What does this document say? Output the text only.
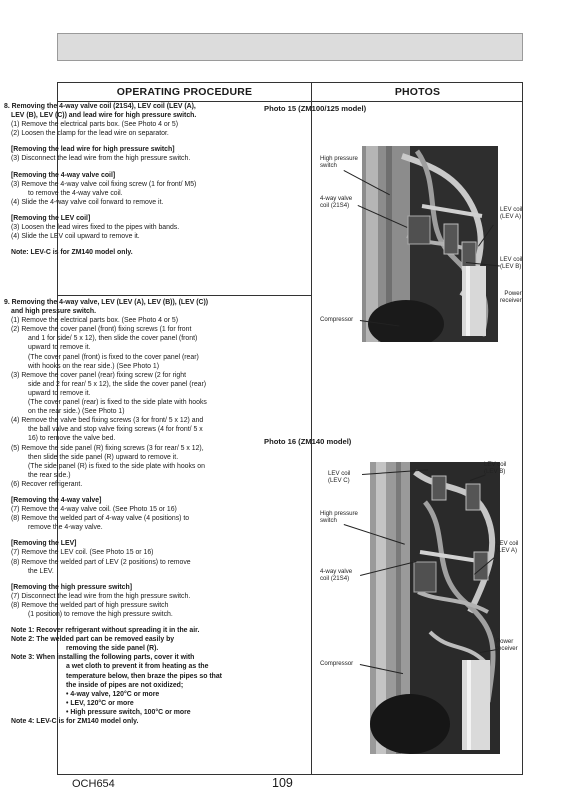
OPERATING PROCEDURE	PHOTOS

8. Removing the 4-way valve coil (21S4), LEV coil (LEV (A),

LEV (B), LEV (C)) and lead wire for high pressure switch.

(1) Remove the electrical parts box. (See Photo 4 or 5)

(2) Loosen the clamp for the lead wire on separator.

[Removing the lead wire for high pressure switch]

(3) Disconnect the lead wire from the high pressure switch.

[Removing the 4-way valve coil]

(3) Remove the 4-way valve coil fixing screw (1 for front/ M5)

to remove the 4-way valve coil.

(4) Slide the 4-way valve coil forward to remove it.

[Removing the LEV coil]

(3) Loosen the lead wires fixed to the pipes with bands.

(4) Slide the LEV coil upward to remove it.

Note: LEV-C is for ZM140 model only.

9. Removing the 4-way valve, LEV (LEV (A), LEV (B)), (LEV (C))

and high pressure switch.

(1) Remove the electrical parts box. (See Photo 4 or 5)

(2) Remove the cover panel (front) fixing screws (1 for front

and 1 for side/ 5 x 12), then slide the cover panel (front)

upward to remove it.

(The cover panel (front) is fixed to the cover panel (rear)

with hooks on the rear side.) (See Photo 1)

(3) Remove the cover panel (rear) fixing screw (2 for right

side and 2 for rear/ 5 x 12), the slide the cover panel (rear)

upward to remove it.

(The cover panel (rear) is fixed to the side plate with hooks

on the rear side.) (See Photo 1)

(4) Remove the valve bed fixing screws (3 for front/ 5 x 12) and

the ball valve and stop valve fixing screws (4 for front/ 5 x

16) to remove the valve bed.

(5) Remove the side panel (R) fixing screws (3 for rear/ 5 x 12),

then slide the side panel (R) upward to remove it.

(The side panel (R) is fixed to the side plate with hooks on

the rear side.)

(6) Recover refrigerant.

[Removing the 4-way valve]

(7) Remove the 4-way valve coil. (See Photo 15 or 16)

(8) Remove the welded part of 4-way valve (4 positions) to

remove the 4-way valve.

[Removing the LEV]

(7) Remove the LEV coil. (See Photo 15 or 16)

(8) Remove the welded part of LEV (2 positions) to remove

the LEV.

[Removing the high pressure switch]

(7) Disconnect the lead wire from the high pressure switch.

(8) Remove the welded part of high pressure switch

(1 position) to remove the high pressure switch.

Note 1: Recover refrigerant without spreading it in the air.

Note 2: The welded part can be removed easily by

removing the side panel (R).

Note 3: When installing the following parts, cover it with

a wet cloth to prevent it from heating as the

temperature below, then braze the pipes so that

the inside of pipes are not oxidized;

• 4-way valve, 120°C or more

• LEV, 120°C or more

• High pressure switch, 100°C or more

Note 4: LEV-C is for ZM140 model only.

Photo 15 (ZM100/125 model)
High pressure
switch
4-way valve
coil (21S4)
LEV coil
(LEV A)
LEV coil
(LEV B)
Power
receiver
Compressor
Photo 16 (ZM140 model)
LEV coil
(LEV C)
LEV coil
(LEV B)
High pressure
switch
LEV coil
(LEV A)
4-way valve
coil (21S4)
Power
receiver
Compressor
OCH654	109
